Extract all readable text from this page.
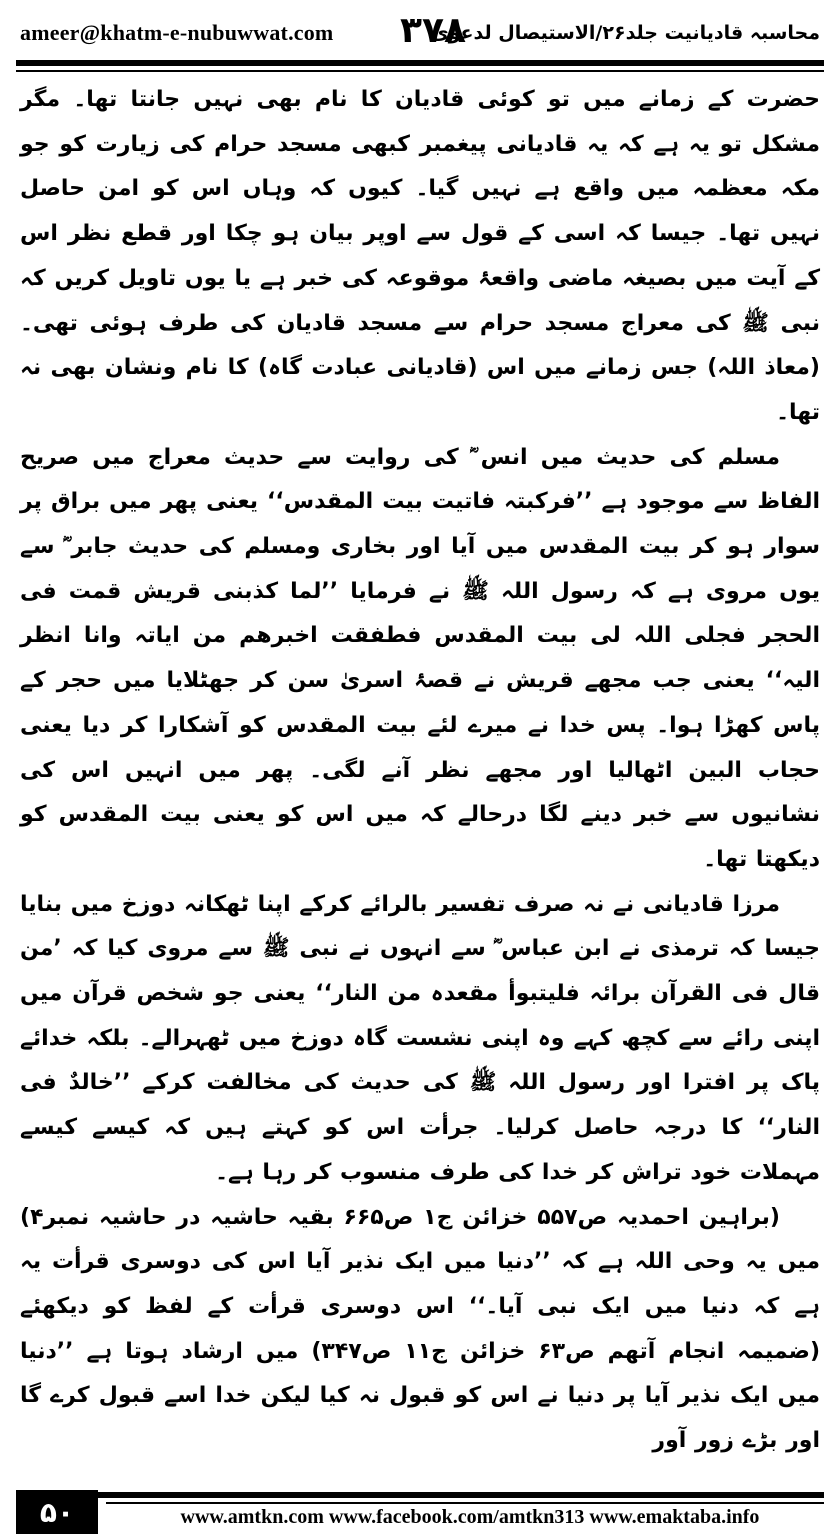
ameer@khatm-e-nubuwwat.com ۳۷۸
محاسبہ قادیانیت جلد۲۶/الاستیصال لدعوی

حضرت کے زمانے میں تو کوئی قادیان کا نام بھی نہیں جانتا تھا۔ مگر مشکل تو یہ ہے کہ یہ قادیانی پیغمبر کبھی مسجد حرام کی زیارت کو جو مکہ معظمہ میں واقع ہے نہیں گیا۔ کیوں کہ وہاں اس کو امن حاصل نہیں تھا۔ جیسا کہ اسی کے قول سے اوپر بیان ہو چکا اور قطع نظر اس کے آیت میں بصیغہ ماضی واقعۂ موقوعہ کی خبر ہے یا یوں تاویل کریں کہ نبی ﷺ کی معراج مسجد حرام سے مسجد قادیان کی طرف ہوئی تھی۔ (معاذ اللہ) جس زمانے میں اس (قادیانی عبادت گاہ) کا نام ونشان بھی نہ تھا۔

مسلم کی حدیث میں انس ؓ کی روایت سے حدیث معراج میں صریح الفاظ سے موجود ہے ’’فرکبتہ فاتیت بیت المقدس‘‘ یعنی پھر میں براق پر سوار ہو کر بیت المقدس میں آیا اور بخاری ومسلم کی حدیث جابر ؓ سے یوں مروی ہے کہ رسول اللہ ﷺ نے فرمایا ’’لما کذبنی قریش قمت فی الحجر فجلی اللہ لی بیت المقدس فطفقت اخبرھم من ایاتہ وانا انظر الیہ‘‘ یعنی جب مجھے قریش نے قصۂ اسریٰ سن کر جھٹلایا میں حجر کے پاس کھڑا ہوا۔ پس خدا نے میرے لئے بیت المقدس کو آشکارا کر دیا یعنی حجاب البین اٹھالیا اور مجھے نظر آنے لگی۔ پھر میں انہیں اس کی نشانیوں سے خبر دینے لگا درحالے کہ میں اس کو یعنی بیت المقدس کو دیکھتا تھا۔

مرزا قادیانی نے نہ صرف تفسیر بالرائے کرکے اپنا ٹھکانہ دوزخ میں بنایا جیسا کہ ترمذی نے ابن عباس ؓ سے انہوں نے نبی ﷺ سے مروی کیا کہ ’من قال فی القرآن برائہ فلیتبوأ مقعدہ من النار‘‘ یعنی جو شخص قرآن میں اپنی رائے سے کچھ کہے وہ اپنی نشست گاہ دوزخ میں ٹھہرالے۔ بلکہ خدائے پاک پر افترا اور رسول اللہ ﷺ کی حدیث کی مخالفت کرکے ’’خالدٌ فی النار‘‘ کا درجہ حاصل کرلیا۔ جرأت اس کو کہتے ہیں کہ کیسے کیسے مہملات خود تراش کر خدا کی طرف منسوب کر رہا ہے۔

(براہین احمدیہ ص۵۵۷ خزائن ج۱ ص۶۶۵ بقیہ حاشیہ در حاشیہ نمبر۴) میں یہ وحی اللہ ہے کہ ’’دنیا میں ایک نذیر آیا اس کی دوسری قرأت یہ ہے کہ دنیا میں ایک نبی آیا۔‘‘ اس دوسری قرأت کے لفظ کو دیکھئے (ضمیمہ انجام آتھم ص۶۳ خزائن ج۱۱ ص۳۴۷) میں ارشاد ہوتا ہے ’’دنیا میں ایک نذیر آیا پر دنیا نے اس کو قبول نہ کیا لیکن خدا اسے قبول کرے گا اور بڑے زور آور

۵۰	www.amtkn.com www.facebook.com/amtkn313 www.emaktaba.info
